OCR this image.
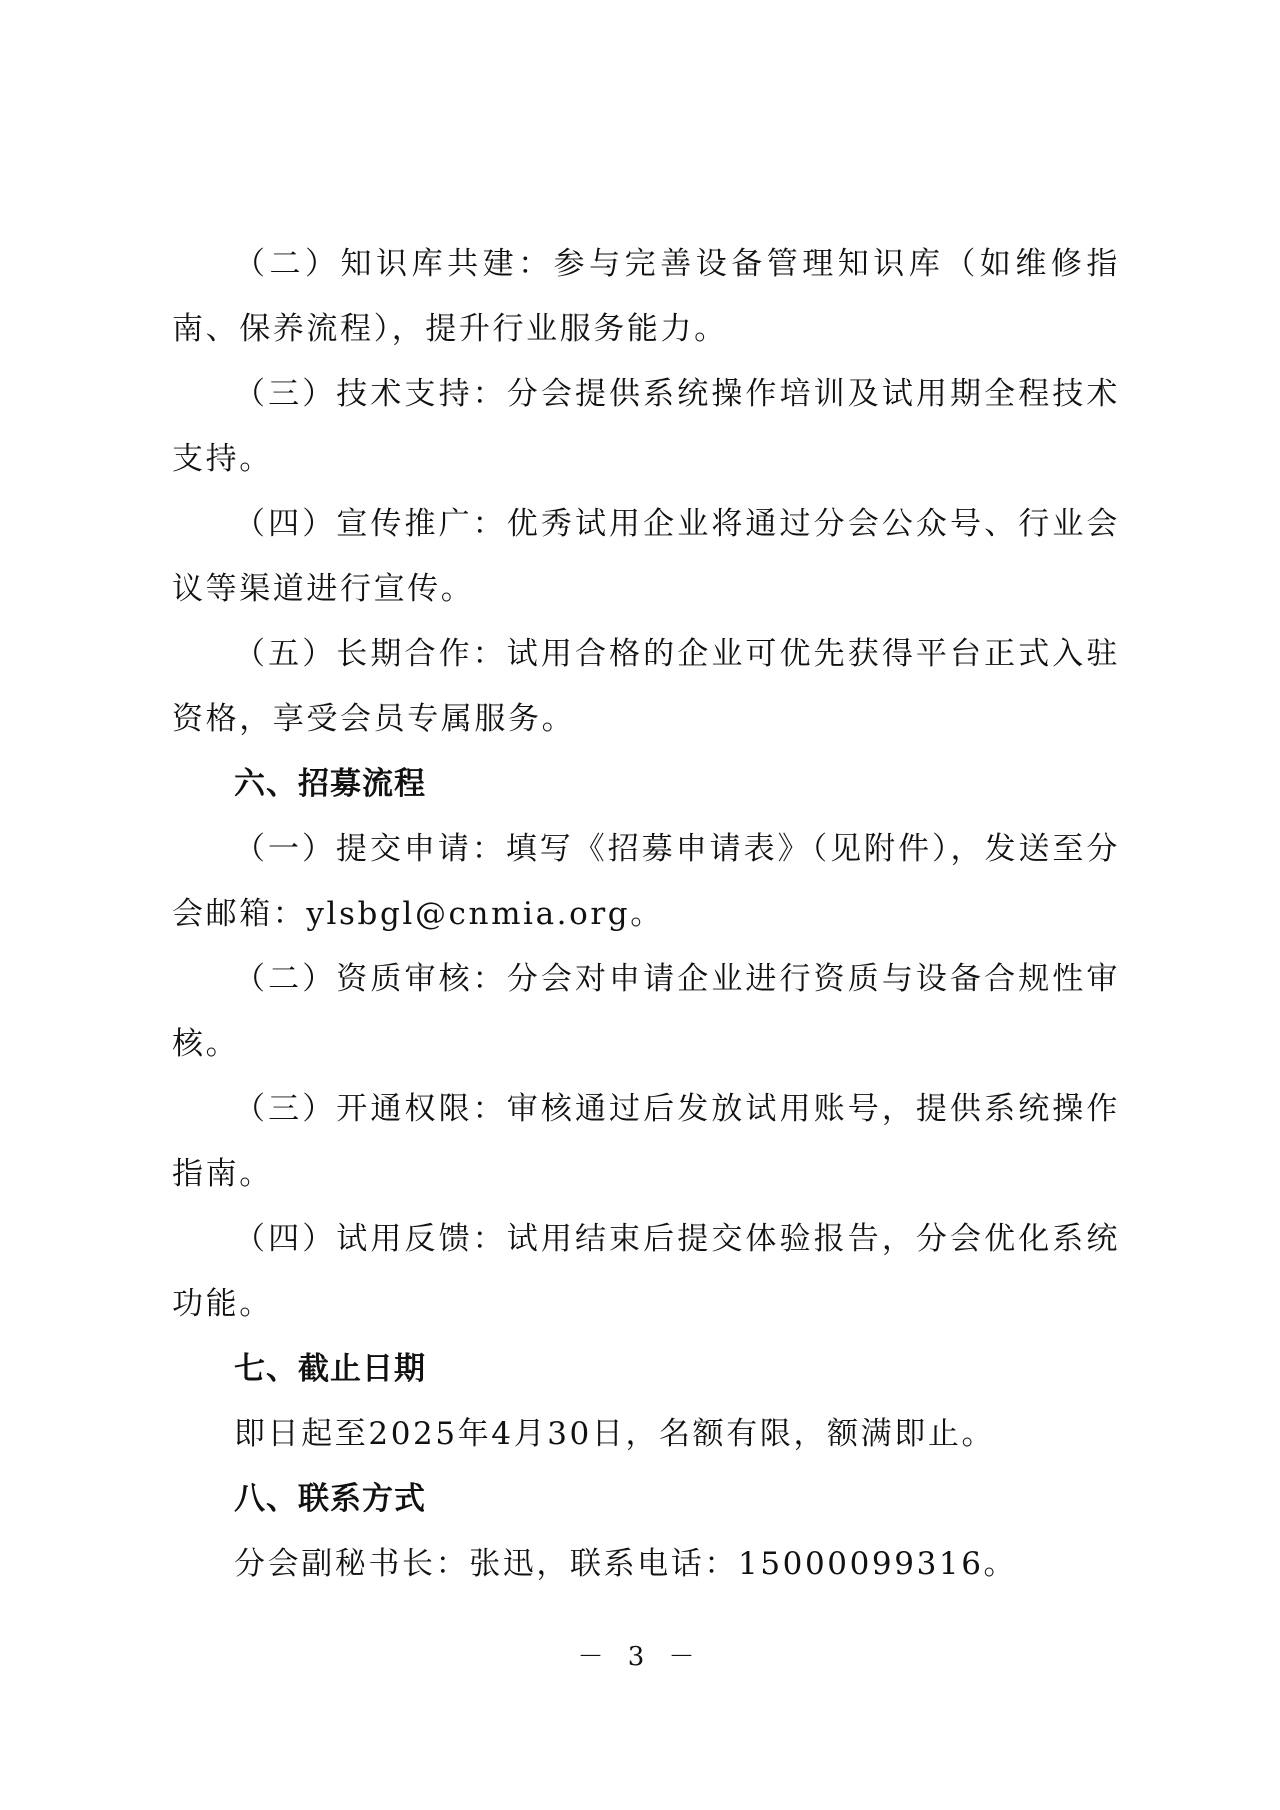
（二）知识库共建：参与完善设备管理知识库（如维修指南、保养流程），提升行业服务能力。

（三）技术支持：分会提供系统操作培训及试用期全程技术支持。

（四）宣传推广：优秀试用企业将通过分会公众号、行业会议等渠道进行宣传。

（五）长期合作：试用合格的企业可优先获得平台正式入驻资格，享受会员专属服务。

六、招募流程

（一）提交申请：填写《招募申请表》（见附件），发送至分会邮箱：ylsbgl@cnmia.org。

（二）资质审核：分会对申请企业进行资质与设备合规性审核。

（三）开通权限：审核通过后发放试用账号，提供系统操作指南。

（四）试用反馈：试用结束后提交体验报告，分会优化系统功能。

七、截止日期

即日起至2025年4月30日，名额有限，额满即止。

八、联系方式

分会副秘书长：张迅，联系电话：15000099316。

－ 3 －
